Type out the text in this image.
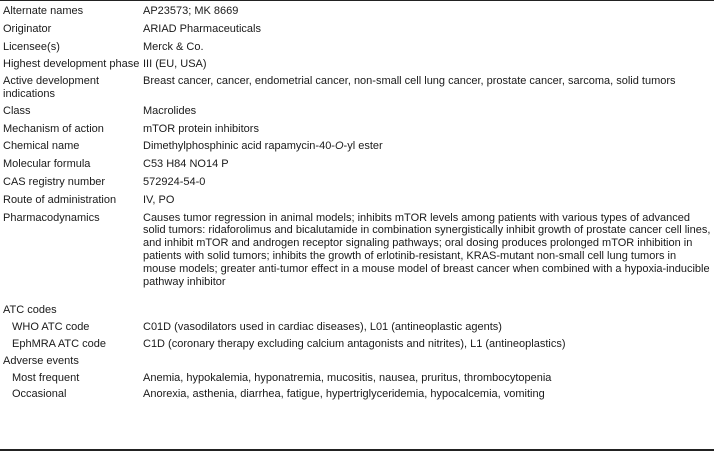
Alternate names	AP23573; MK 8669
Originator	ARIAD Pharmaceuticals
Licensee(s)	Merck & Co.
Highest development phase	III (EU, USA)
Active development indications	Breast cancer, cancer, endometrial cancer, non-small cell lung cancer, prostate cancer, sarcoma, solid tumors
Class	Macrolides
Mechanism of action	mTOR protein inhibitors
Chemical name	Dimethylphosphinic acid rapamycin-40-O-yl ester
Molecular formula	C53 H84 NO14 P
CAS registry number	572924-54-0
Route of administration	IV, PO
Pharmacodynamics	Causes tumor regression in animal models; inhibits mTOR levels among patients with various types of advanced solid tumors: ridaforolimus and bicalutamide in combination synergistically inhibit growth of prostate cancer cell lines, and inhibit mTOR and androgen receptor signaling pathways; oral dosing produces prolonged mTOR inhibition in patients with solid tumors; inhibits the growth of erlotinib-resistant, KRAS-mutant non-small cell lung tumors in mouse models; greater anti-tumor effect in a mouse model of breast cancer when combined with a hypoxia-inducible pathway inhibitor
ATC codes	
WHO ATC code	C01D (vasodilators used in cardiac diseases), L01 (antineoplastic agents)
EphMRA ATC code	C1D (coronary therapy excluding calcium antagonists and nitrites), L1 (antineoplastics)
Adverse events	
Most frequent	Anemia, hypokalemia, hyponatremia, mucositis, nausea, pruritus, thrombocytopenia
Occasional	Anorexia, asthenia, diarrhea, fatigue, hypertriglyceridemia, hypocalcemia, vomiting
